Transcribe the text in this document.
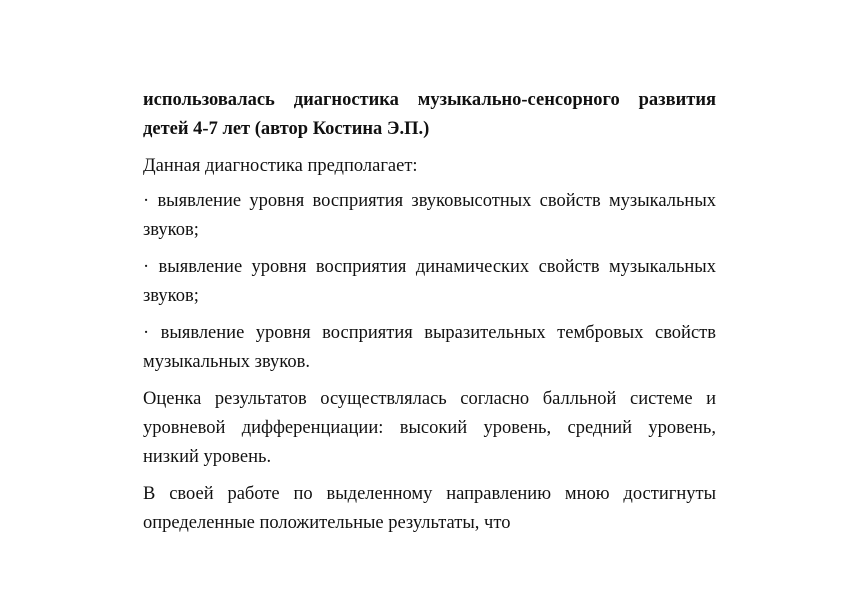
использовалась диагностика музыкально-сенсорного развития детей 4-7 лет (автор Костина Э.П.)

Данная диагностика предполагает:

· выявление уровня восприятия звуковысотных свойств музыкальных звуков;

· выявление уровня восприятия динамических свойств музыкальных звуков;

· выявление уровня восприятия выразительных тембровых свойств музыкальных звуков.

Оценка результатов осуществлялась согласно балльной системе и уровневой дифференциации: высокий уровень, средний уровень, низкий уровень.

В своей работе по выделенному направлению мною достигнуты определенные положительные результаты, что
